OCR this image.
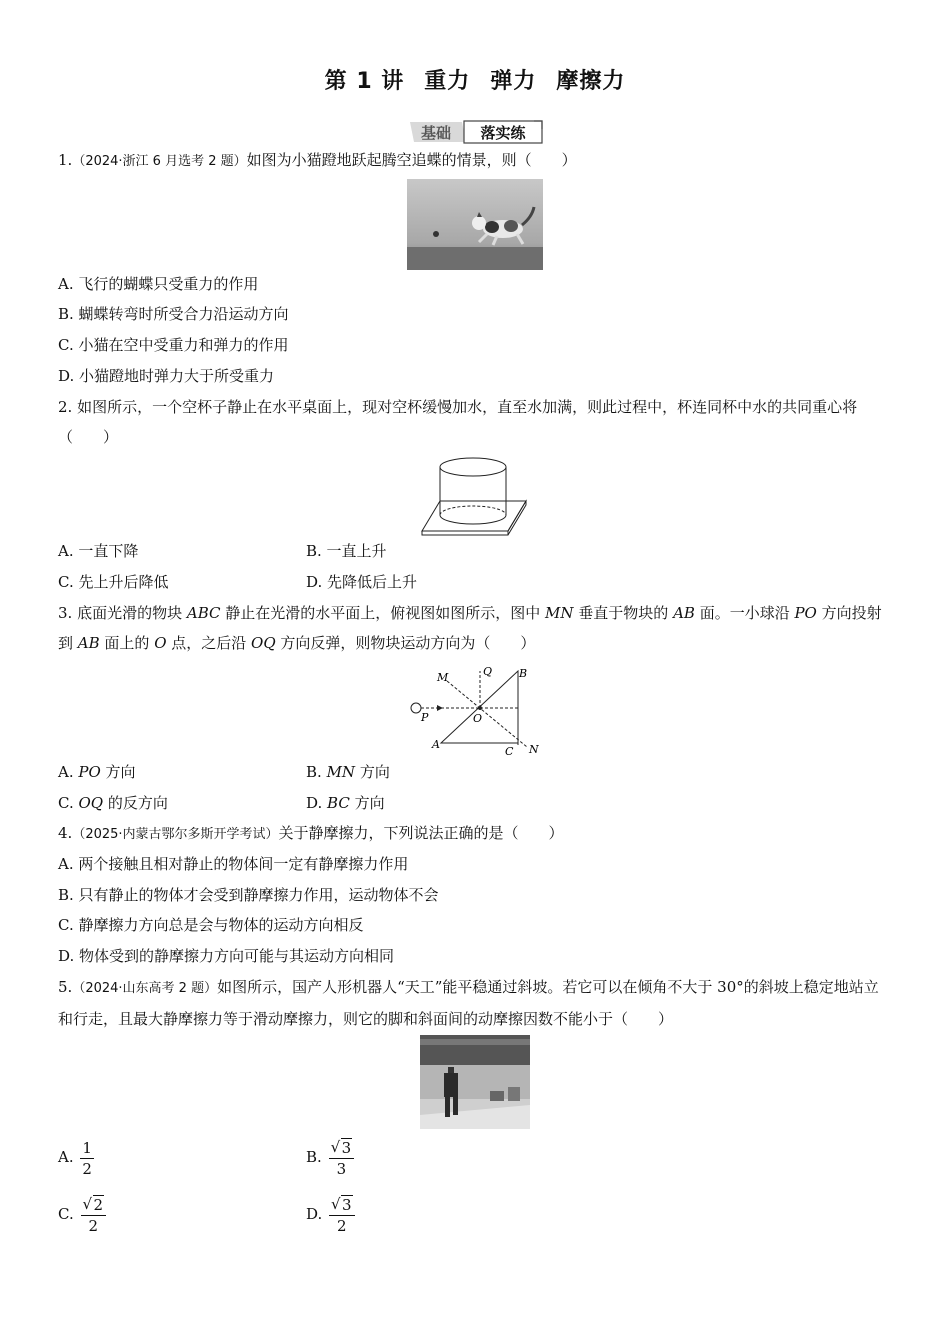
第 1 讲 重力 弹力 摩擦力
基础 落实练
1.（2024·浙江 6 月选考 2 题）如图为小猫蹬地跃起腾空追蝶的情景，则（　　）
A. 飞行的蝴蝶只受重力的作用
B. 蝴蝶转弯时所受合力沿运动方向
C. 小猫在空中受重力和弹力的作用
D. 小猫蹬地时弹力大于所受重力
2. 如图所示，一个空杯子静止在水平桌面上，现对空杯缓慢加水，直至水加满，则此过程中，杯连同杯中水的共同重心将（　　）
A. 一直下降	B. 一直上升
C. 先上升后降低	D. 先降低后上升
3. 底面光滑的物块 ABC 静止在光滑的水平面上，俯视图如图所示，图中 MN 垂直于物块的 AB 面。一小球沿 PO 方向投射到 AB 面上的 O 点，之后沿 OQ 方向反弹，则物块运动方向为（　　）
M	Q B
P	O
A
C N
A. PO 方向	B. MN 方向
C. OQ 的反方向	D. BC 方向
4.（2025·内蒙古鄂尔多斯开学考试）关于静摩擦力，下列说法正确的是（　　）
A. 两个接触且相对静止的物体间一定有静摩擦力作用
B. 只有静止的物体才会受到静摩擦力作用，运动物体不会
C. 静摩擦力方向总是会与物体的运动方向相反
D. 物体受到的静摩擦力方向可能与其运动方向相同
5.（2024·山东高考 2 题）如图所示，国产人形机器人“天工”能平稳通过斜坡。若它可以在倾角不大于 30°的斜坡上稳定地站立和行走，且最大静摩擦力等于滑动摩擦力，则它的脚和斜面间的动摩擦因数不能小于（　　）
A. $\frac{1}{2}$	B. $\frac{√ 3}{3}$
C. $\frac{√ 2}{2}$	D. $\frac{√ 3}{2}$
